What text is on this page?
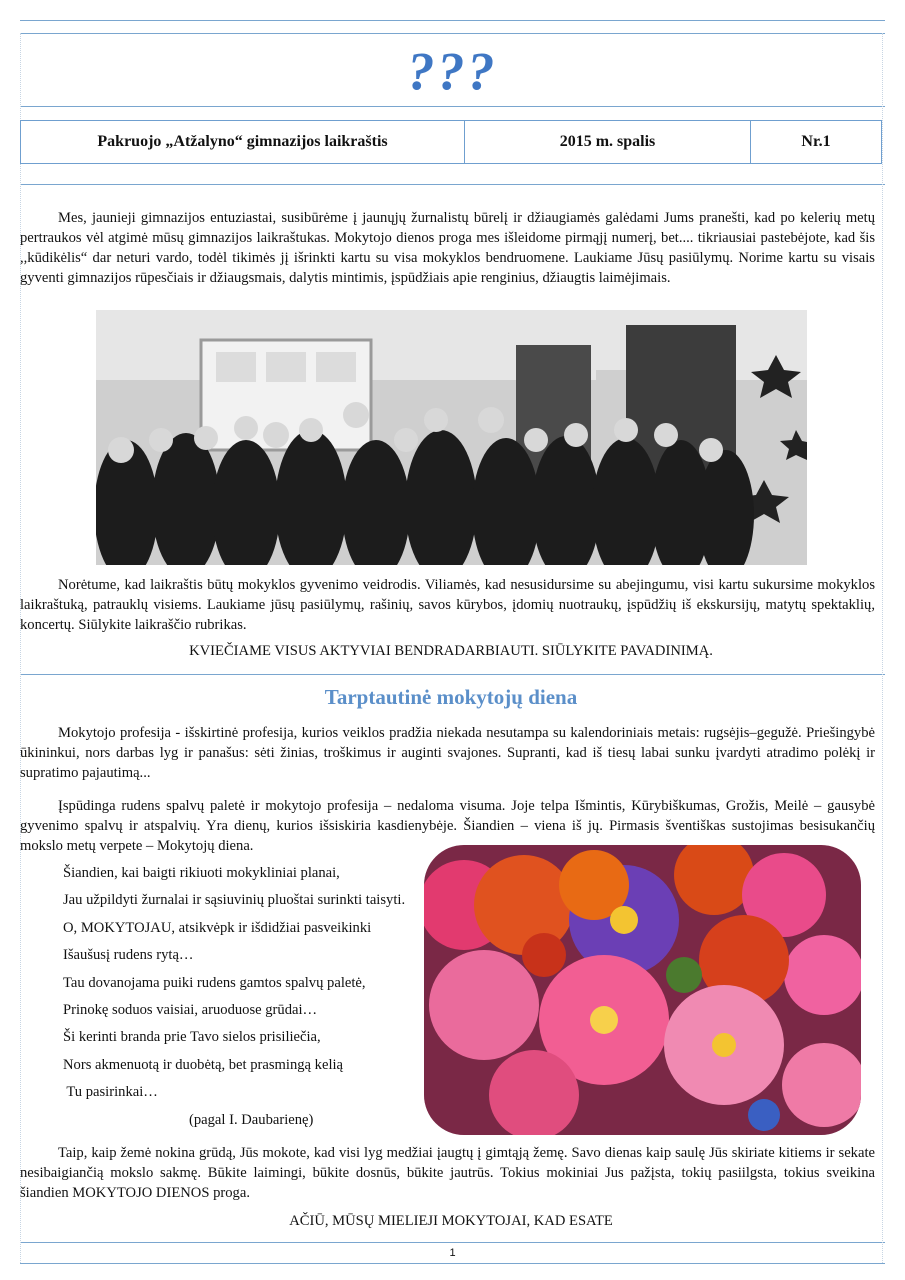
???
Pakruojo „Atžalyno“ gimnazijos laikraštis	2015 m. spalis	Nr.1

Mes, jaunieji gimnazijos entuziastai, susibūrėme į jaunųjų žurnalistų būrelį ir džiaugiamės galėdami Jums pranešti, kad po kelerių metų pertraukos vėl atgimė mūsų gimnazijos laikraštukas. Mokytojo dienos proga mes išleidome pirmąjį numerį, bet.... tikriausiai pastebėjote, kad šis ,,kūdikėlis“ dar neturi vardo, todėl tikimės jį išrinkti kartu su visa mokyklos bendruomene. Laukiame Jūsų pasiūlymų. Norime kartu su visais gyventi gimnazijos rūpesčiais ir džiaugsmais, dalytis mintimis, įspūdžiais apie renginius, džiaugtis laimėjimais.

Norėtume, kad laikraštis būtų mokyklos gyvenimo veidrodis. Viliamės, kad nesusidursime su abejingumu, visi kartu sukursime mokyklos laikraštuką, patrauklų visiems. Laukiame jūsų pasiūlymų, rašinių, savos kūrybos, įdomių nuotraukų, įspūdžių iš ekskursijų, matytų spektaklių, koncertų. Siūlykite laikraščio rubrikas.

KVIEČIAME VISUS AKTYVIAI BENDRADARBIAUTI. SIŪLYKITE PAVADINIMĄ.
Tarptautinė mokytojų diena

Mokytojo profesija - išskirtinė profesija, kurios veiklos pradžia niekada nesutampa su kalendoriniais metais: rugsėjis–gegužė. Priešingybė ūkininkui, nors darbas lyg ir panašus: sėti žinias, troškimus ir auginti svajones. Supranti, kad iš tiesų labai sunku įvardyti atradimo polėkį ir supratimo pajautimą...

Įspūdinga rudens spalvų paletė ir mokytojo profesija – nedaloma visuma. Joje telpa Išmintis, Kūrybiškumas, Grožis, Meilė – gausybė gyvenimo spalvų ir atspalvių. Yra dienų, kurios išsiskiria kasdienybėje. Šiandien – viena iš jų. Pirmasis šventiškas sustojimas besisukančių mokslo metų verpete – Mokytojų diena.

Šiandien, kai baigti rikiuoti mokykliniai planai,
Jau užpildyti žurnalai ir sąsiuvinių pluoštai surinkti taisyti.
O, MOKYTOJAU, atsikvėpk ir išdidžiai pasveikinki
Išaušusį rudens rytą…
Tau dovanojama puiki rudens gamtos spalvų paletė,
Prinokę soduos vaisiai, aruoduose grūdai…
Ši kerinti branda prie Tavo sielos prisiliečia,
Nors akmenuotą ir duobėtą, bet prasmingą kelią
Tu pasirinkai…
(pagal I. Daubarienę)

Taip, kaip žemė nokina grūdą, Jūs mokote, kad visi lyg medžiai įaugtų į gimtąją žemę. Savo dienas kaip saulę Jūs skiriate kitiems ir sekate nesibaigiančią mokslo sakmę. Būkite laimingi, būkite dosnūs, būkite jautrūs. Tokius mokiniai Jus pažįsta, tokių pasiilgsta, tokius sveikina šiandien MOKYTOJO DIENOS proga.

AČIŪ, MŪSŲ MIELIEJI MOKYTOJAI, KAD ESATE
1
